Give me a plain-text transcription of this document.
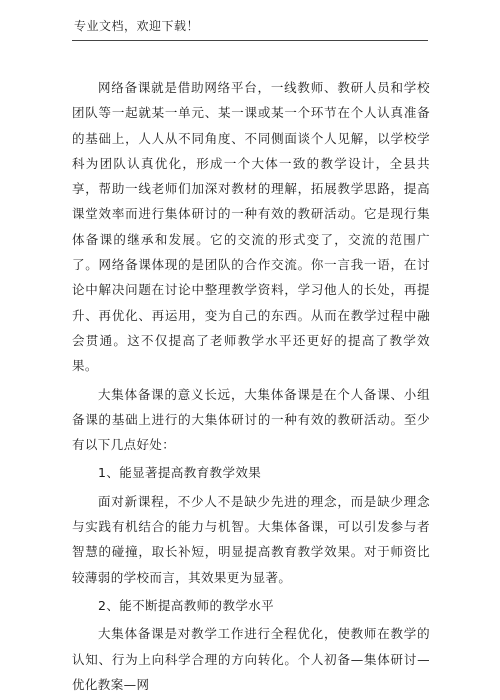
专业文档，欢迎下载！

网络备课就是借助网络平台，一线教师、教研人员和学校团队等一起就某一单元、某一课或某一个环节在个人认真准备的基础上，人人从不同角度、不同侧面谈个人见解，以学校学科为团队认真优化，形成一个大体一致的教学设计，全县共享，帮助一线老师们加深对教材的理解，拓展教学思路，提高课堂效率而进行集体研讨的一种有效的教研活动。它是现行集体备课的继承和发展。它的交流的形式变了，交流的范围广了。网络备课体现的是团队的合作交流。你一言我一语，在讨论中解决问题在讨论中整理教学资料，学习他人的长处，再提升、再优化、再运用，变为自己的东西。从而在教学过程中融会贯通。这不仅提高了老师教学水平还更好的提高了教学效果。

大集体备课的意义长远，大集体备课是在个人备课、小组备课的基础上进行的大集体研讨的一种有效的教研活动。至少有以下几点好处：

1、能显著提高教育教学效果

面对新课程，不少人不是缺少先进的理念，而是缺少理念与实践有机结合的能力与机智。大集体备课，可以引发参与者智慧的碰撞，取长补短，明显提高教育教学效果。对于师资比较薄弱的学校而言，其效果更为显著。

2、能不断提高教师的教学水平

大集体备课是对教学工作进行全程优化，使教师在教学的认知、行为上向科学合理的方向转化。个人初备—集体研讨—优化教案—网
